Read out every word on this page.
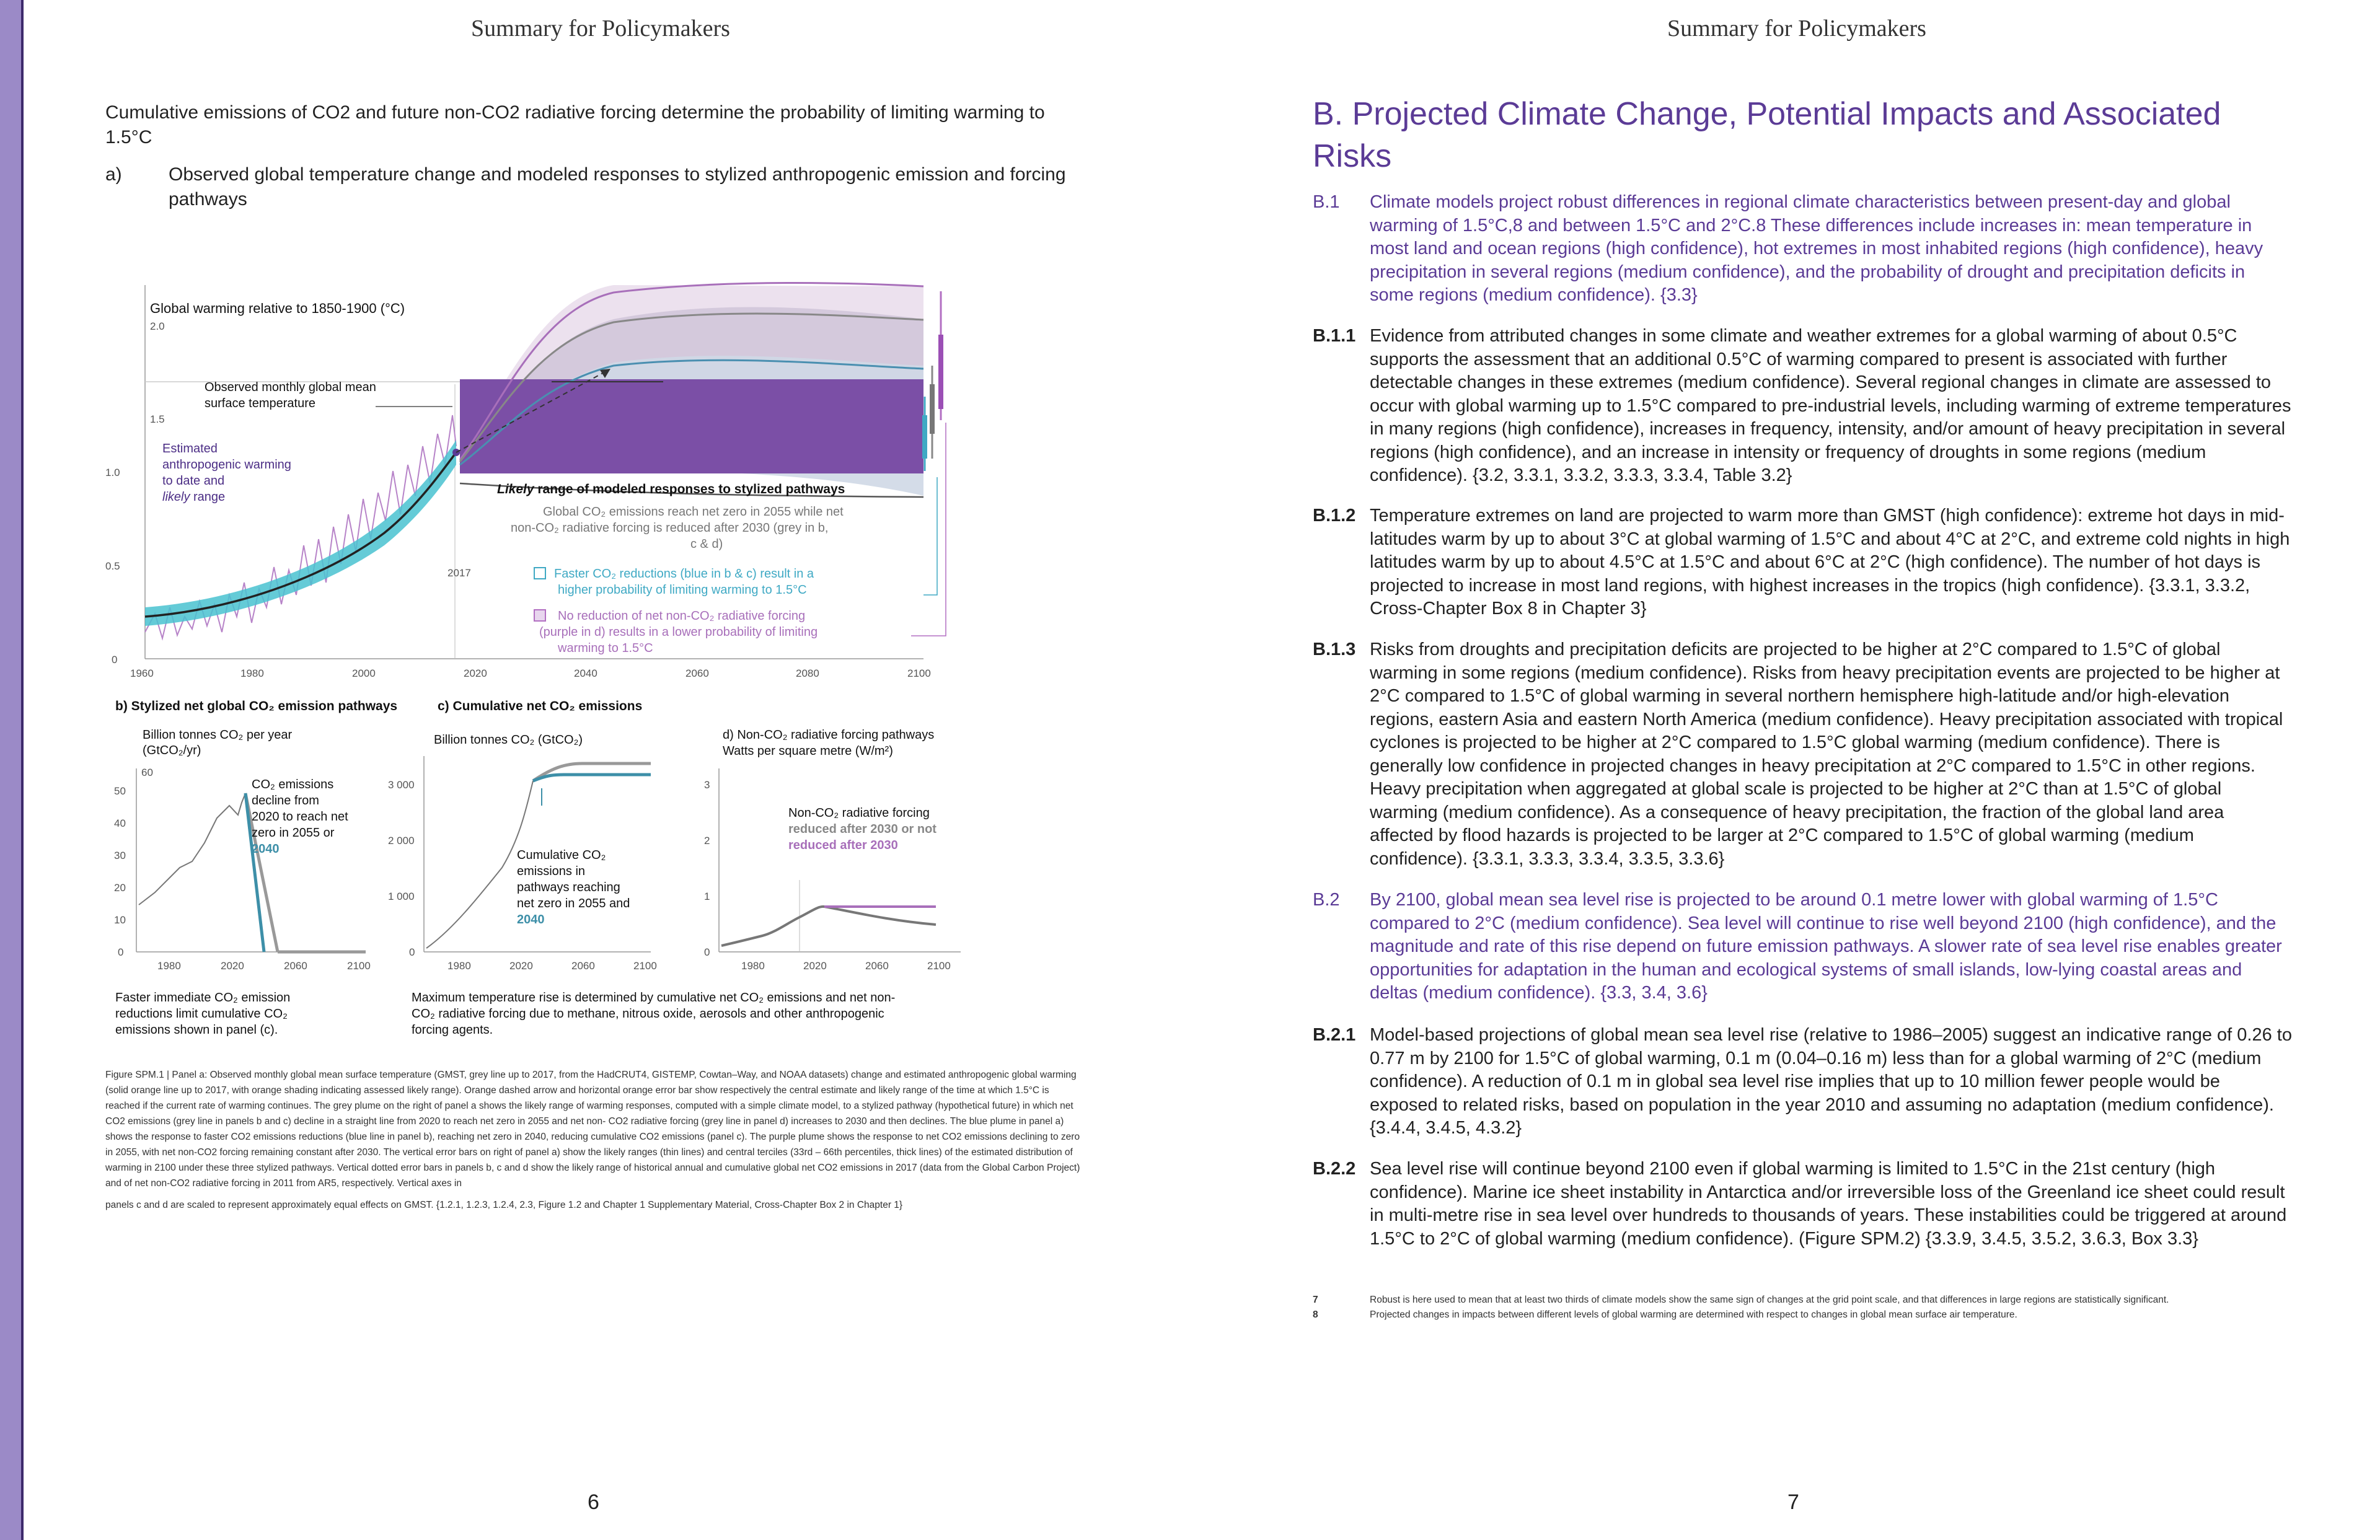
Summary for Policymakers
Cumulative emissions of CO2 and future non-CO2 radiative forcing determine the probability of limiting warming to 1.5°C
a)	Observed global temperature change and modeled responses to stylized anthropogenic emission and forcing pathways
Global warming relative to 1850-1900 (°C)
0
0.5
1.0
1.5
2.0
1960	1980	2000	2020	2040	2060	2080	2100
2017
Observed monthly global mean surface temperature
Estimated
anthropogenic warming
to date and
likely range
Likely range of modeled responses to stylized pathways
Global CO₂ emissions reach net zero in 2055 while net
non-CO₂ radiative forcing is reduced after 2030 (grey in b,
c & d)
Faster CO₂ reductions (blue in b & c) result in a
higher probability of limiting warming to 1.5°C
No reduction of net non-CO₂ radiative forcing
(purple in d) results in a lower probability of limiting
warming to 1.5°C
b) Stylized net global CO₂ emission pathways
Billion tonnes CO₂ per year (GtCO₂/yr)
0
10
20
30
40
50
60
1980	2020	2060	2100
CO₂ emissions
decline from
2020 to reach net
zero in 2055 or
2040
Faster immediate CO₂ emission
reductions limit cumulative CO₂
emissions shown in panel (c).
c) Cumulative net CO₂ emissions
Billion tonnes CO₂ (GtCO₂)
0
1 000
2 000
3 000
1980	2020	2060	2100
Cumulative CO₂
emissions in
pathways reaching
net zero in 2055 and
2040
Maximum temperature rise is determined by cumulative net CO₂ emissions and net non-
CO₂ radiative forcing due to methane, nitrous oxide, aerosols and other anthropogenic
forcing agents.
d) Non-CO₂ radiative forcing pathways
Watts per square metre (W/m²)
0
1
2
3
1980	2020	2060	2100
Non-CO₂ radiative forcing
reduced after 2030 or not
reduced after 2030

Figure SPM.1 | Panel a: Observed monthly global mean surface temperature (GMST, grey line up to 2017, from the HadCRUT4, GISTEMP, Cowtan–Way, and NOAA datasets) change and estimated anthropogenic global warming (solid orange line up to 2017, with orange shading indicating assessed likely range). Orange dashed arrow and horizontal orange error bar show respectively the central estimate and likely range of the time at which 1.5°C is reached if the current rate of warming continues. The grey plume on the right of panel a shows the likely range of warming responses, computed with a simple climate model, to a stylized pathway (hypothetical future) in which net CO2 emissions (grey line in panels b and c) decline in a straight line from 2020 to reach net zero in 2055 and net non- CO2 radiative forcing (grey line in panel d) increases to 2030 and then declines. The blue plume in panel a) shows the response to faster CO2 emissions reductions (blue line in panel b), reaching net zero in 2040, reducing cumulative CO2 emissions (panel c). The purple plume shows the response to net CO2 emissions declining to zero in 2055, with net non-CO2 forcing remaining constant after 2030. The vertical error bars on right of panel a) show the likely ranges (thin lines) and central terciles (33rd – 66th percentiles, thick lines) of the estimated distribution of warming in 2100 under these three stylized pathways. Vertical dotted error bars in panels b, c and d show the likely range of historical annual and cumulative global net CO2 emissions in 2017 (data from the Global Carbon Project) and of net non-CO2 radiative forcing in 2011 from AR5, respectively. Vertical axes in

panels c and d are scaled to represent approximately equal effects on GMST. {1.2.1, 1.2.3, 1.2.4, 2.3, Figure 1.2 and Chapter 1 Supplementary Material, Cross-Chapter Box 2 in Chapter 1}

6
Summary for Policymakers
B. Projected Climate Change, Potential Impacts and Associated Risks
B.1 Climate models project robust differences in regional climate characteristics between present-day and global warming of 1.5°C,8 and between 1.5°C and 2°C.8 These differences include increases in: mean temperature in most land and ocean regions (high confidence), hot extremes in most inhabited regions (high confidence), heavy precipitation in several regions (medium confidence), and the probability of drought and precipitation deficits in some regions (medium confidence). {3.3}
B.1.1 Evidence from attributed changes in some climate and weather extremes for a global warming of about 0.5°C supports the assessment that an additional 0.5°C of warming compared to present is associated with further detectable changes in these extremes (medium confidence). Several regional changes in climate are assessed to occur with global warming up to 1.5°C compared to pre-industrial levels, including warming of extreme temperatures in many regions (high confidence), increases in frequency, intensity, and/or amount of heavy precipitation in several regions (high confidence), and an increase in intensity or frequency of droughts in some regions (medium confidence). {3.2, 3.3.1, 3.3.2, 3.3.3, 3.3.4, Table 3.2}
B.1.2 Temperature extremes on land are projected to warm more than GMST (high confidence): extreme hot days in mid-latitudes warm by up to about 3°C at global warming of 1.5°C and about 4°C at 2°C, and extreme cold nights in high latitudes warm by up to about 4.5°C at 1.5°C and about 6°C at 2°C (high confidence). The number of hot days is projected to increase in most land regions, with highest increases in the tropics (high confidence). {3.3.1, 3.3.2, Cross-Chapter Box 8 in Chapter 3}
B.1.3 Risks from droughts and precipitation deficits are projected to be higher at 2°C compared to 1.5°C of global warming in some regions (medium confidence). Risks from heavy precipitation events are projected to be higher at 2°C compared to 1.5°C of global warming in several northern hemisphere high-latitude and/or high-elevation regions, eastern Asia and eastern North America (medium confidence). Heavy precipitation associated with tropical cyclones is projected to be higher at 2°C compared to 1.5°C global warming (medium confidence). There is generally low confidence in projected changes in heavy precipitation at 2°C compared to 1.5°C in other regions. Heavy precipitation when aggregated at global scale is projected to be higher at 2°C than at 1.5°C of global warming (medium confidence). As a consequence of heavy precipitation, the fraction of the global land area affected by flood hazards is projected to be larger at 2°C compared to 1.5°C of global warming (medium confidence). {3.3.1, 3.3.3, 3.3.4, 3.3.5, 3.3.6}
B.2 By 2100, global mean sea level rise is projected to be around 0.1 metre lower with global warming of 1.5°C compared to 2°C (medium confidence). Sea level will continue to rise well beyond 2100 (high confidence), and the magnitude and rate of this rise depend on future emission pathways. A slower rate of sea level rise enables greater opportunities for adaptation in the human and ecological systems of small islands, low-lying coastal areas and deltas (medium confidence). {3.3, 3.4, 3.6}
B.2.1 Model-based projections of global mean sea level rise (relative to 1986–2005) suggest an indicative range of 0.26 to 0.77 m by 2100 for 1.5°C of global warming, 0.1 m (0.04–0.16 m) less than for a global warming of 2°C (medium confidence). A reduction of 0.1 m in global sea level rise implies that up to 10 million fewer people would be exposed to related risks, based on population in the year 2010 and assuming no adaptation (medium confidence). {3.4.4, 3.4.5, 4.3.2}
B.2.2 Sea level rise will continue beyond 2100 even if global warming is limited to 1.5°C in the 21st century (high confidence). Marine ice sheet instability in Antarctica and/or irreversible loss of the Greenland ice sheet could result in multi-metre rise in sea level over hundreds to thousands of years. These instabilities could be triggered at around 1.5°C to 2°C of global warming (medium confidence). (Figure SPM.2) {3.3.9, 3.4.5, 3.5.2, 3.6.3, Box 3.3}
7	Robust is here used to mean that at least two thirds of climate models show the same sign of changes at the grid point scale, and that differences in large regions are statistically significant.
8	Projected changes in impacts between different levels of global warming are determined with respect to changes in global mean surface air temperature.
7
